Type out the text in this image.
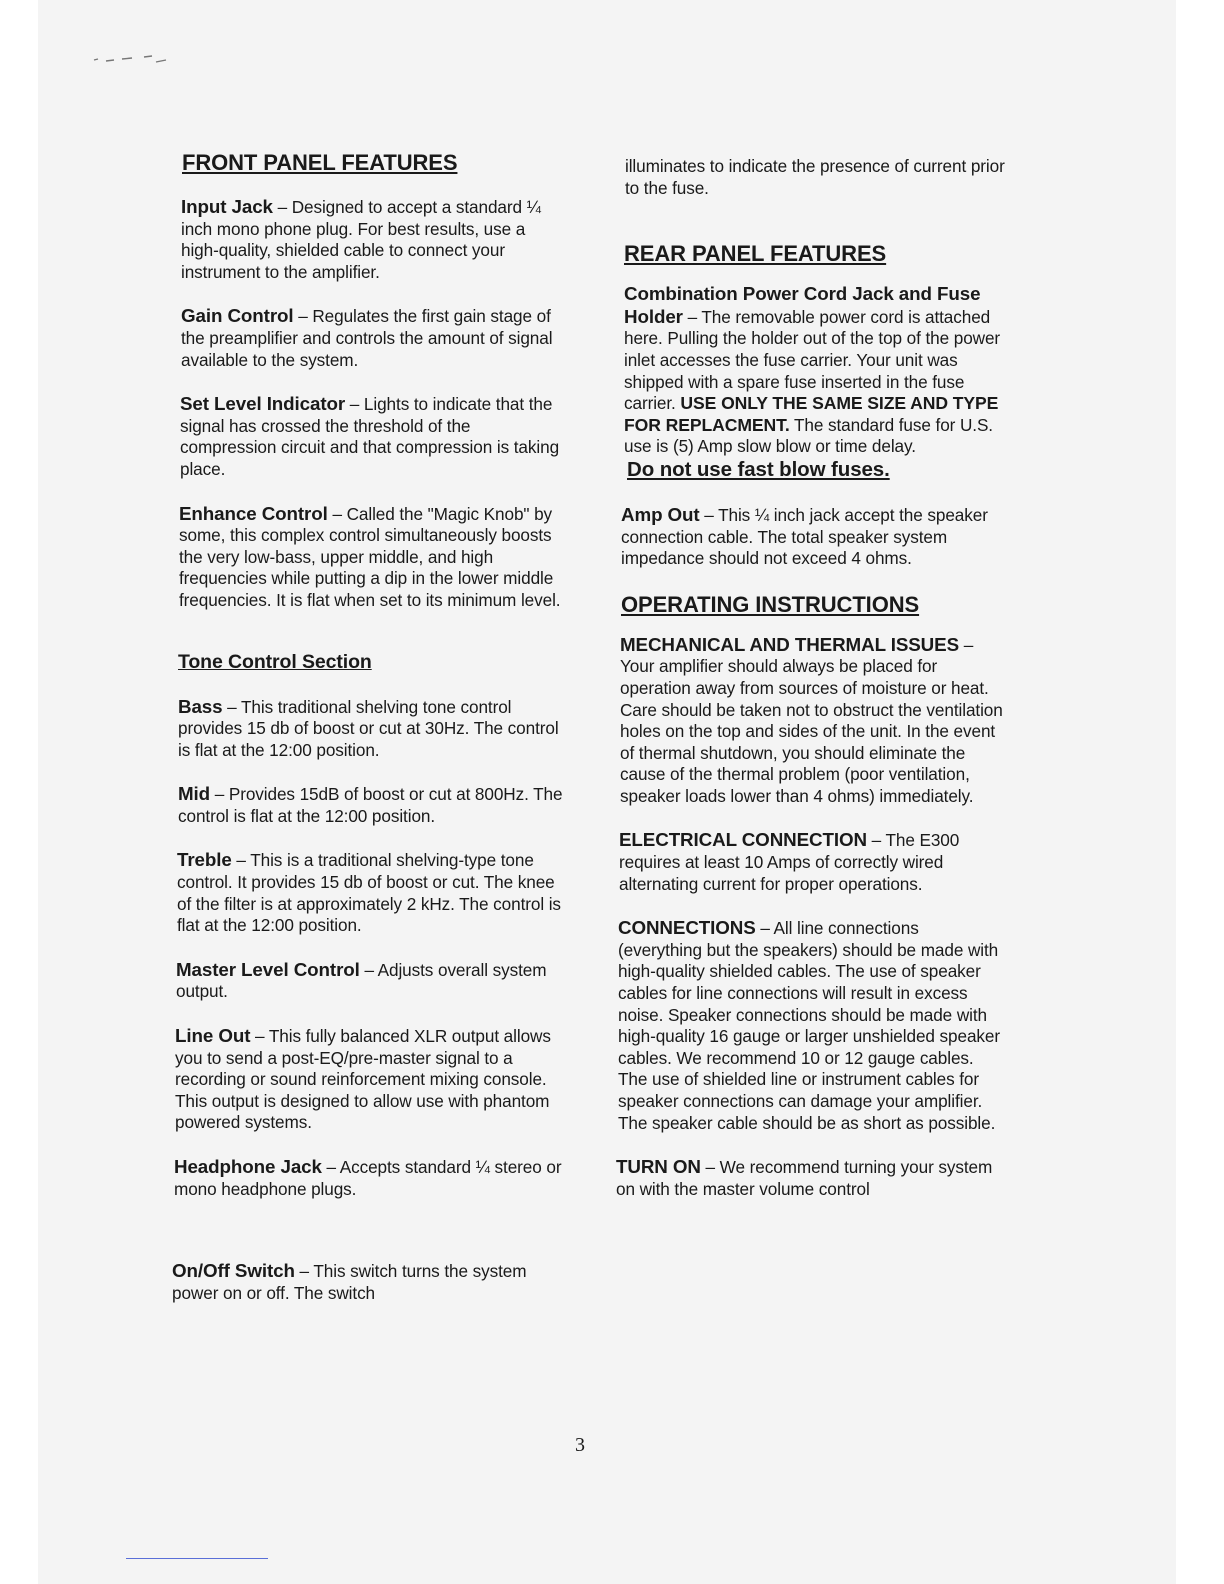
FRONT PANEL FEATURES

Input Jack – Designed to accept a standard ¼ inch mono phone plug. For best results, use a high-quality, shielded cable to connect your instrument to the amplifier.

Gain Control – Regulates the first gain stage of the preamplifier and controls the amount of signal available to the system.

Set Level Indicator – Lights to indicate that the signal has crossed the threshold of the compression circuit and that compression is taking place.

Enhance Control – Called the "Magic Knob" by some, this complex control simultaneously boosts the very low-bass, upper middle, and high frequencies while putting a dip in the lower middle frequencies. It is flat when set to its minimum level.

Tone Control Section

Bass – This traditional shelving tone control provides 15 db of boost or cut at 30Hz. The control is flat at the 12:00 position.

Mid – Provides 15dB of boost or cut at 800Hz. The control is flat at the 12:00 position.

Treble – This is a traditional shelving-type tone control. It provides 15 db of boost or cut. The knee of the filter is at approximately 2 kHz. The control is flat at the 12:00 position.

Master Level Control – Adjusts overall system output.

Line Out – This fully balanced XLR output allows you to send a post-EQ/pre-master signal to a recording or sound reinforcement mixing console. This output is designed to allow use with phantom powered systems.

Headphone Jack – Accepts standard ¼ stereo or mono headphone plugs.

On/Off Switch – This switch turns the system power on or off. The switch

illuminates to indicate the presence of current prior to the fuse.

REAR PANEL FEATURES

Combination Power Cord Jack and Fuse Holder – The removable power cord is attached here. Pulling the holder out of the top of the power inlet accesses the fuse carrier. Your unit was shipped with a spare fuse inserted in the fuse carrier. USE ONLY THE SAME SIZE AND TYPE FOR REPLACMENT. The standard fuse for U.S. use is (5) Amp slow blow or time delay.

Do not use fast blow fuses.

Amp Out – This ¼ inch jack accept the speaker connection cable. The total speaker system impedance should not exceed 4 ohms.

OPERATING INSTRUCTIONS

MECHANICAL AND THERMAL ISSUES – Your amplifier should always be placed for operation away from sources of moisture or heat. Care should be taken not to obstruct the ventilation holes on the top and sides of the unit. In the event of thermal shutdown, you should eliminate the cause of the thermal problem (poor ventilation, speaker loads lower than 4 ohms) immediately.

ELECTRICAL CONNECTION – The E300 requires at least 10 Amps of correctly wired alternating current for proper operations.

CONNECTIONS – All line connections (everything but the speakers) should be made with high-quality shielded cables. The use of speaker cables for line connections will result in excess noise. Speaker connections should be made with high-quality 16 gauge or larger unshielded speaker cables. We recommend 10 or 12 gauge cables. The use of shielded line or instrument cables for speaker connections can damage your amplifier. The speaker cable should be as short as possible.

TURN ON – We recommend turning your system on with the master volume control

3
